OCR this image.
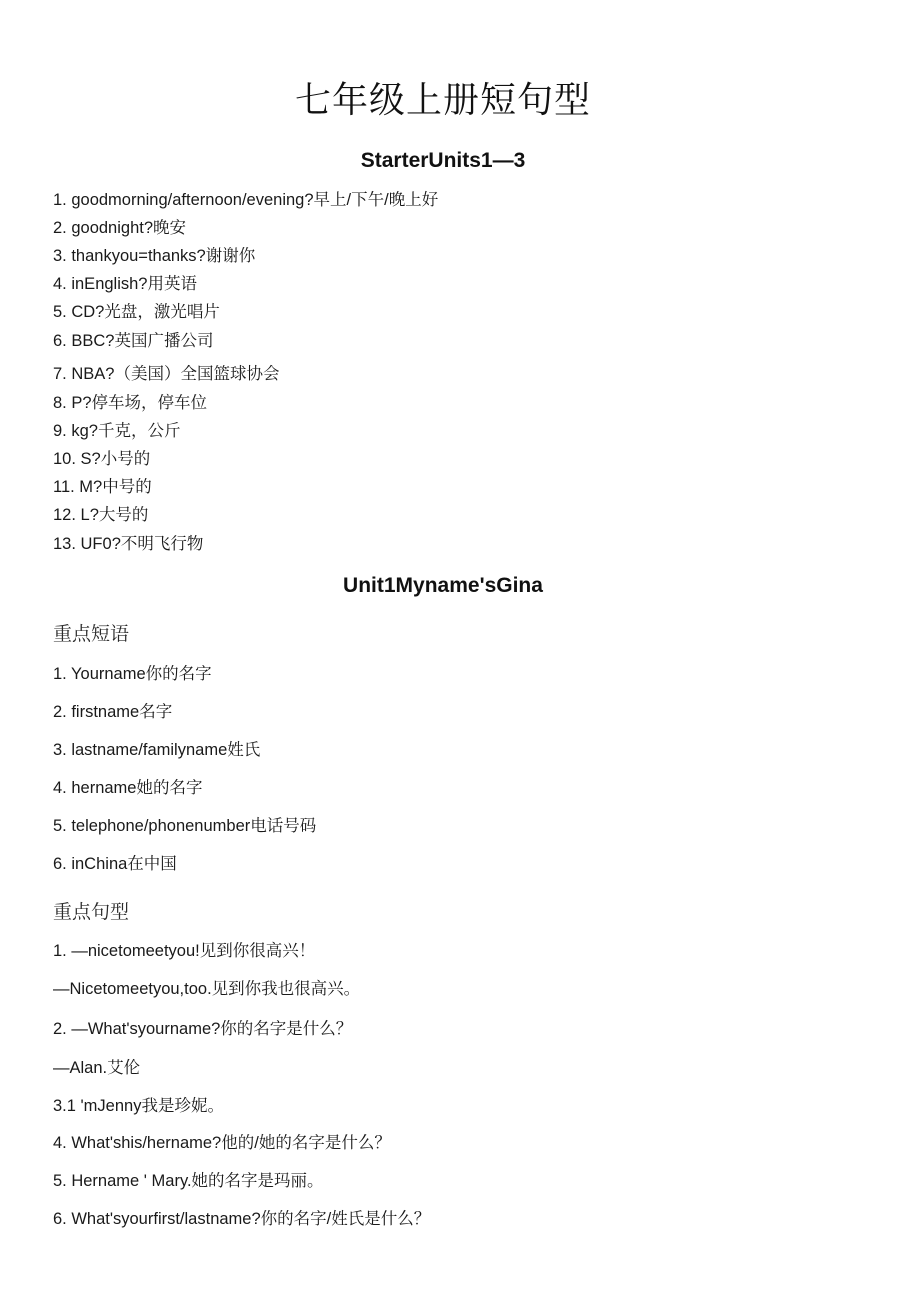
七年级上册短句型
StarterUnits1—3
1. goodmorning/afternoon/evening?早上/下午/晚上好
2. goodnight?晚安
3. thankyou=thanks?谢谢你
4. inEnglish?用英语
5. CD?光盘，激光唱片
6. BBC?英国广播公司
7. NBA?（美国）全国篮球协会
8. P?停车场，停车位
9. kg?千克，公斤
10. S?小号的
11. M?中号的
12. L?大号的
13. UF0?不明飞行物
Unit1Myname'sGina
重点短语
1. Yourname你的名字
2. firstname名字
3. lastname/familyname姓氏
4. hername她的名字
5. telephone/phonenumber电话号码
6. inChina在中国
重点句型
1. —nicetomeetyou!见到你很高兴！
—Nicetomeetyou,too.见到你我也很高兴。
2. —What'syourname?你的名字是什么？
—Alan.艾伦
3.1 'mJenny我是珍妮。
4. What'shis/hername?他的/她的名字是什么？
5. Hername ' Mary.她的名字是玛丽。
6. What'syourfirst/lastname?你的名字/姓氏是什么？
